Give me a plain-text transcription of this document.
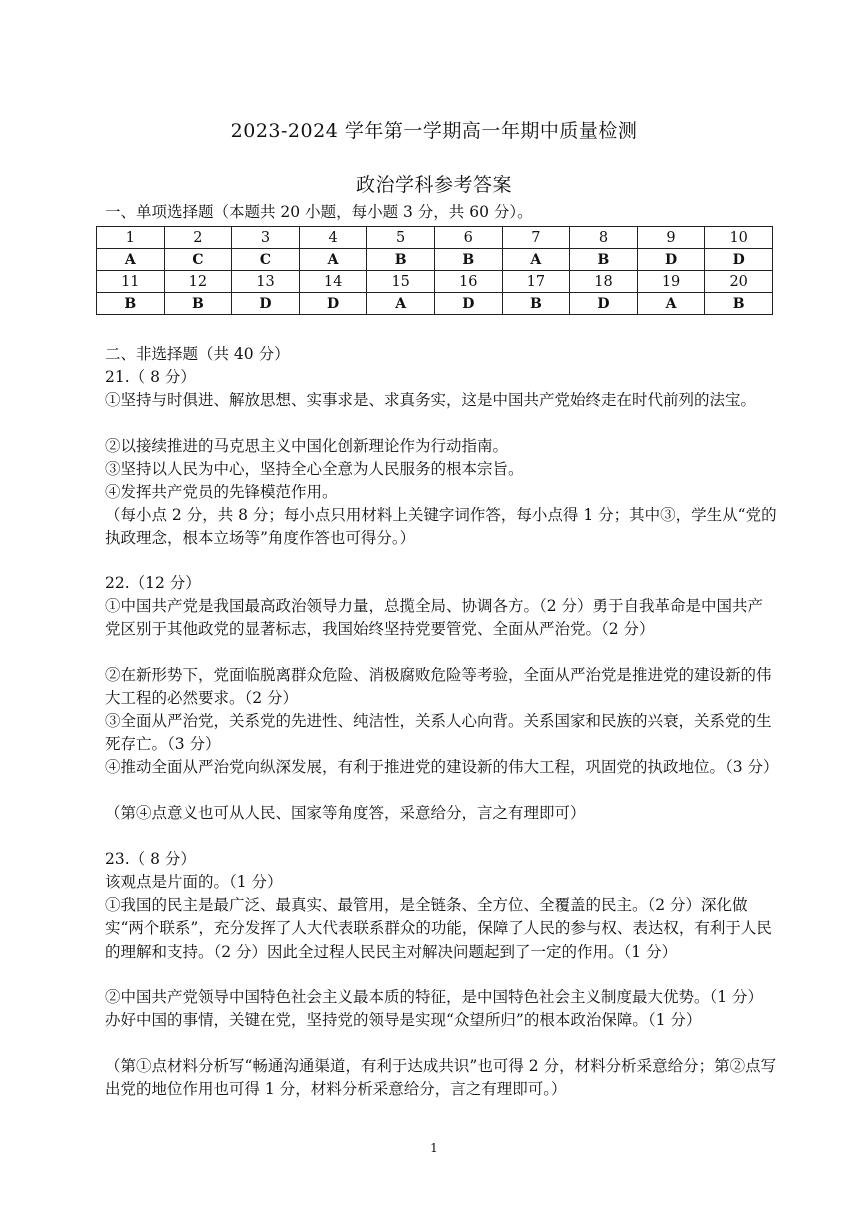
2023-2024 学年第一学期高一年期中质量检测
政治学科参考答案
一、单项选择题（本题共 20 小题，每小题 3 分，共 60 分）。
1	2	3	4	5	6	7	8	9	10
A	C	C	A	B	B	A	B	D	D
11	12	13	14	15	16	17	18	19	20
B	B	D	D	A	D	B	D	A	B
二、非选择题（共 40 分）
21.（ 8 分）
①坚持与时俱进、解放思想、实事求是、求真务实，这是中国共产党始终走在时代前列的法宝。
②以接续推进的马克思主义中国化创新理论作为行动指南。
③坚持以人民为中心，坚持全心全意为人民服务的根本宗旨。
④发挥共产党员的先锋模范作用。
（每小点 2 分，共 8 分；每小点只用材料上关键字词作答，每小点得 1 分；其中③，学生从“党的执政理念，根本立场等”角度作答也可得分。）
22.（12 分）
①中国共产党是我国最高政治领导力量，总揽全局、协调各方。（2 分）勇于自我革命是中国共产党区别于其他政党的显著标志，我国始终坚持党要管党、全面从严治党。（2 分）
②在新形势下，党面临脱离群众危险、消极腐败危险等考验，全面从严治党是推进党的建设新的伟大工程的必然要求。（2 分）
③全面从严治党，关系党的先进性、纯洁性，关系人心向背。关系国家和民族的兴衰，关系党的生死存亡。（3 分）
④推动全面从严治党向纵深发展，有利于推进党的建设新的伟大工程，巩固党的执政地位。（3 分）
（第④点意义也可从人民、国家等角度答，采意给分，言之有理即可）
23.（ 8 分）
该观点是片面的。（1 分）
①我国的民主是最广泛、最真实、最管用，是全链条、全方位、全覆盖的民主。（2 分）深化做实“两个联系”，充分发挥了人大代表联系群众的功能，保障了人民的参与权、表达权，有利于人民的理解和支持。（2 分）因此全过程人民民主对解决问题起到了一定的作用。（1 分）
②中国共产党领导中国特色社会主义最本质的特征，是中国特色社会主义制度最大优势。（1 分）办好中国的事情，关键在党，坚持党的领导是实现“众望所归”的根本政治保障。（1 分）
（第①点材料分析写“畅通沟通渠道，有利于达成共识”也可得 2 分，材料分析采意给分；第②点写出党的地位作用也可得 1 分，材料分析采意给分，言之有理即可。）
1
